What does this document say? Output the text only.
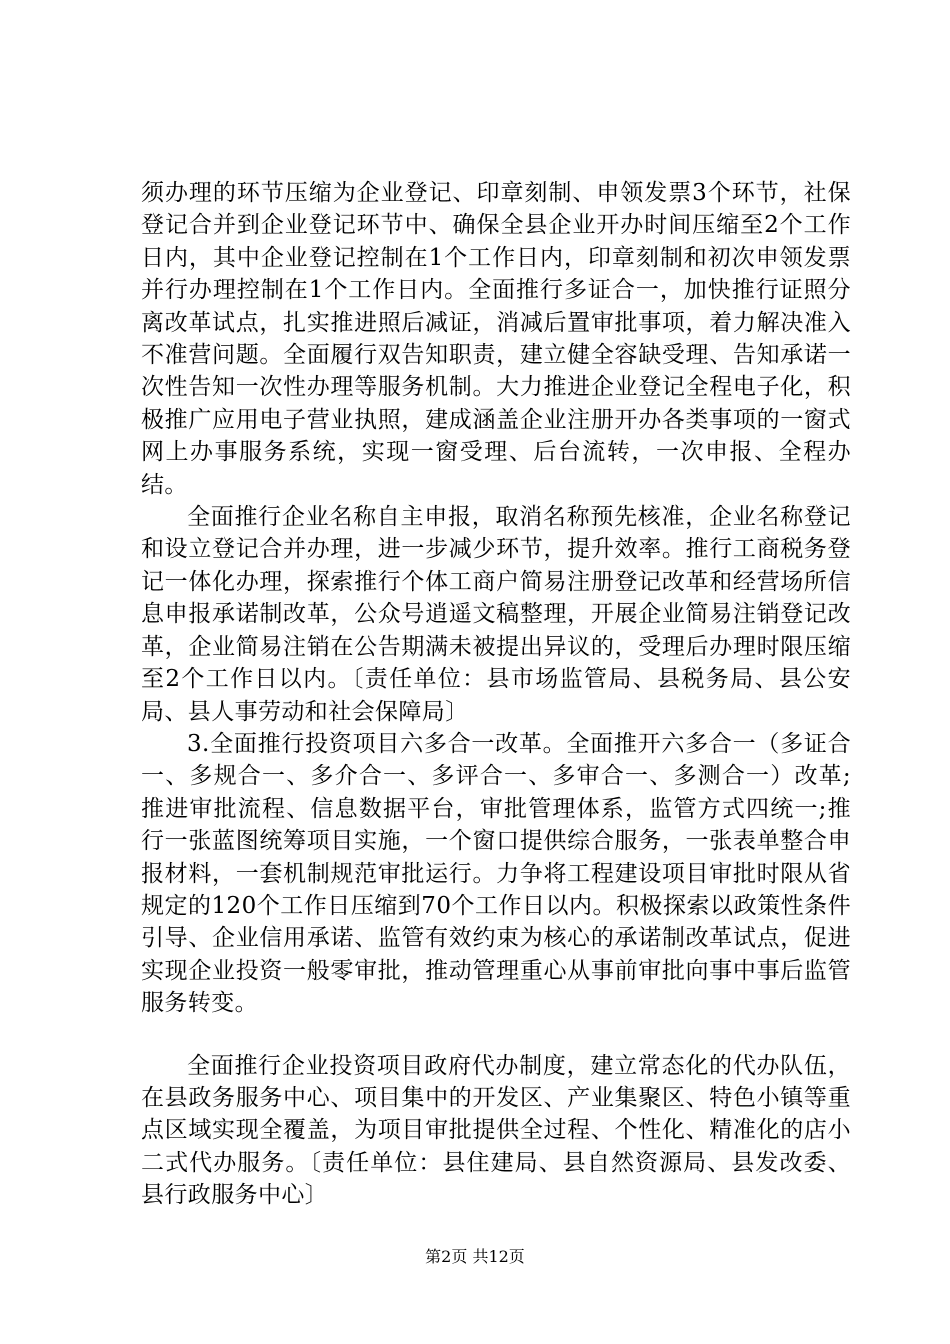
须办理的环节压缩为企业登记、印章刻制、申领发票3个环节，社保登记合并到企业登记环节中、确保全县企业开办时间压缩至2个工作日内，其中企业登记控制在1个工作日内，印章刻制和初次申领发票并行办理控制在1个工作日内。全面推行多证合一，加快推行证照分离改革试点，扎实推进照后减证，消减后置审批事项，着力解决准入不准营问题。全面履行双告知职责，建立健全容缺受理、告知承诺一次性告知一次性办理等服务机制。大力推进企业登记全程电子化，积极推广应用电子营业执照，建成涵盖企业注册开办各类事项的一窗式网上办事服务系统，实现一窗受理、后台流转，一次申报、全程办结。

全面推行企业名称自主申报，取消名称预先核准，企业名称登记和设立登记合并办理，进一步减少环节，提升效率。推行工商税务登记一体化办理，探索推行个体工商户简易注册登记改革和经营场所信息申报承诺制改革，公众号逍遥文稿整理，开展企业简易注销登记改革，企业简易注销在公告期满未被提出异议的，受理后办理时限压缩至2个工作日以内。〔责任单位：县市场监管局、县税务局、县公安局、县人事劳动和社会保障局〕

3.全面推行投资项目六多合一改革。全面推开六多合一（多证合一、多规合一、多介合一、多评合一、多审合一、多测合一）改革;推进审批流程、信息数据平台，审批管理体系，监管方式四统一;推行一张蓝图统筹项目实施，一个窗口提供综合服务，一张表单整合申报材料，一套机制规范审批运行。力争将工程建设项目审批时限从省规定的120个工作日压缩到70个工作日以内。积极探索以政策性条件引导、企业信用承诺、监管有效约束为核心的承诺制改革试点，促进实现企业投资一般零审批，推动管理重心从事前审批向事中事后监管服务转变。

全面推行企业投资项目政府代办制度，建立常态化的代办队伍，在县政务服务中心、项目集中的开发区、产业集聚区、特色小镇等重点区域实现全覆盖，为项目审批提供全过程、个性化、精准化的店小二式代办服务。〔责任单位：县住建局、县自然资源局、县发改委、县行政服务中心〕

第2页 共12页
